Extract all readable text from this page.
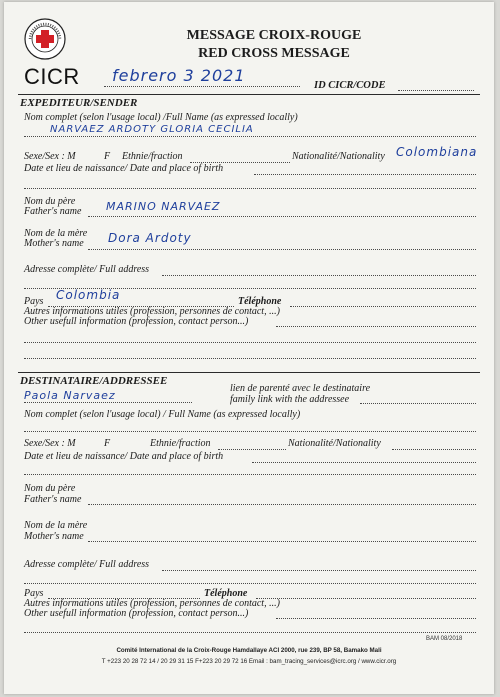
CICR
MESSAGE CROIX-ROUGE
RED CROSS MESSAGE
febrero 3 2021
ID CICR/CODE
EXPEDITEUR/SENDER
Nom complet (selon l'usage local) /Full Name (as expressed locally)
NARVAEZ ARDOTY GLORIA CECILIA
Sexe/Sex : M	F Ethnie/fraction	Nationalité/Nationality Colombiana
Date et lieu de naissance/ Date and place of birth
Nom du père
Father's name MARINO NARVAEZ
Nom de la mère
Mother's name Dora Ardoty
Adresse complète/ Full address
Pays Colombia	Téléphone
Autres informations utiles (profession, personnes de contact, ...)
Other usefull information (profession, contact person...)
DESTINATAIRE/ADDRESSEE
Paola Narvaez
lien de parenté avec le destinataire
family link with the addressee
Nom complet (selon l'usage local) / Full Name (as expressed locally)
Sexe/Sex : M	F	Ethnie/fraction	Nationalité/Nationality
Date et lieu de naissance/ Date and place of birth
Nom du père
Father's name
Nom de la mère
Mother's name
Adresse complète/ Full address
Pays	Téléphone
Autres informations utiles (profession, personnes de contact, ...)
Other usefull information (profession, contact person...)
BAM 08/2018
Comité International de la Croix-Rouge Hamdallaye ACI 2000, rue 239, BP 58, Bamako Mali
T +223 20 28 72 14 / 20 29 31 15 F+223 20 29 72 16 Email : bam_tracing_services@icrc.org / www.cicr.org
